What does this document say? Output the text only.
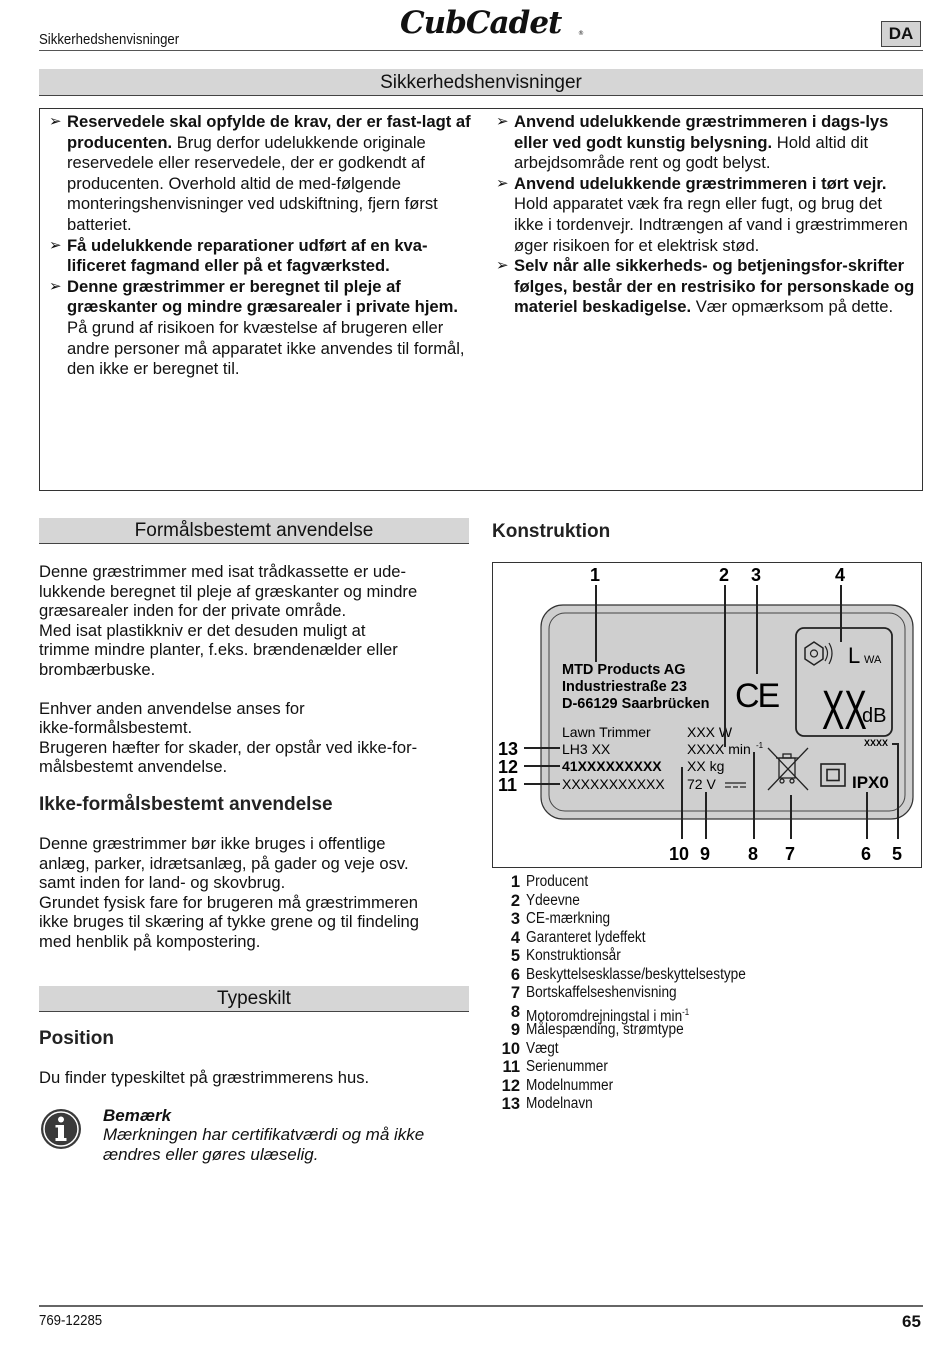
Sikkerhedshenvisninger	CubCadet	®	DA
Sikkerhedshenvisninger

➢ Reservedele skal opfylde de krav, der er fast-lagt af producenten. Brug derfor udelukkende originale reservedele eller reservedele, der er godkendt af producenten. Overhold altid de med-følgende monteringshenvisninger ved udskiftning, fjern først batteriet.

➢ Få udelukkende reparationer udført af en kva-lificeret fagmand eller på et fagværksted.

➢ Denne græstrimmer er beregnet til pleje af græskanter og mindre græsarealer i private hjem. På grund af risikoen for kvæstelse af brugeren eller andre personer må apparatet ikke anvendes til formål, den ikke er beregnet til.

➢ Anvend udelukkende græstrimmeren i dags-lys eller ved godt kunstig belysning. Hold altid dit arbejdsområde rent og godt belyst.

➢ Anvend udelukkende græstrimmeren i tørt vejr. Hold apparatet væk fra regn eller fugt, og brug det ikke i tordenvejr. Indtrængen af vand i græstrimmeren øger risikoen for et elektrisk stød.

➢ Selv når alle sikkerheds- og betjeningsfor-skrifter følges, består der en restrisiko for personskade og materiel beskadigelse. Vær opmærksom på dette.

Formålsbestemt anvendelse
Denne græstrimmer med isat trådkassette er ude-
lukkende beregnet til pleje af græskanter og mindre
græsarealer inden for der private område.
Med isat plastikkniv er det desuden muligt at
trimme mindre planter, f.eks. brændenælder eller
brombærbuske.
Enhver anden anvendelse anses for
ikke-formålsbestemt.
Brugeren hæfter for skader, der opstår ved ikke-for-
målsbestemt anvendelse.
Ikke-formålsbestemt anvendelse
Denne græstrimmer bør ikke bruges i offentlige
anlæg, parker, idrætsanlæg, på gader og veje osv.
samt inden for land- og skovbrug.
Grundet fysisk fare for brugeren må græstrimmeren
ikke bruges til skæring af tykke grene og til findeling
med henblik på kompostering.
Typeskilt
Position
Du finder typeskiltet på græstrimmerens hus.
Bemærk
Mærkningen har certifikatværdi og må ikke
ændres eller gøres ulæselig.
Konstruktion
MTD Products AG
Industriestraße 23
D-66129 Saarbrücken CE
L WA
XX
dB
XXXX
Lawn Trimmer
LH3 XX
41XXXXXXXXX
XXXXXXXXXXX
XXX W
XXXX min -1
XX kg
72 V	IPX0
1	2 3	4
13
12
11
10 9 8 7	6 5
1 Producent
2 Ydeevne
3 CE-mærkning
4 Garanteret lydeffekt
5 Konstruktionsår
6 Beskyttelsesklasse/beskyttelsestype
7 Bortskaffelseshenvisning
8 Motoromdrejningstal i $\min^{-1}$
9 Målespænding, strømtype
10 Vægt
11 Serienummer
12 Modelnummer
13 Modelnavn
769-12285	65
